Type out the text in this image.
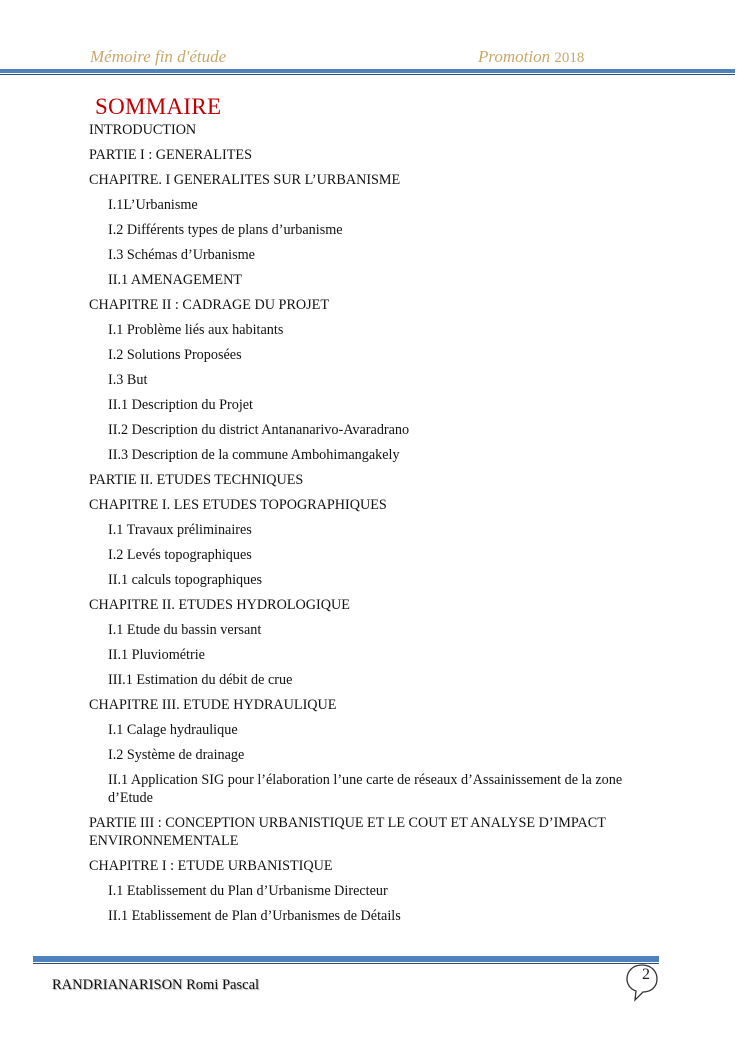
Mémoire fin d'étude	Promotion 2018
SOMMAIRE
INTRODUCTION
PARTIE I : GENERALITES
CHAPITRE. I GENERALITES SUR L’URBANISME
I.1L’Urbanisme
I.2 Différents types de plans d’urbanisme
I.3 Schémas d’Urbanisme
II.1 AMENAGEMENT
CHAPITRE II : CADRAGE DU PROJET
I.1 Problème liés aux habitants
I.2 Solutions Proposées
I.3 But
II.1 Description du Projet
II.2 Description du district Antananarivo-Avaradrano
II.3 Description de la commune Ambohimangakely
PARTIE II. ETUDES TECHNIQUES
CHAPITRE I. LES ETUDES TOPOGRAPHIQUES
I.1 Travaux préliminaires
I.2 Levés topographiques
II.1 calculs topographiques
CHAPITRE II. ETUDES HYDROLOGIQUE
I.1 Etude du bassin versant
II.1 Pluviométrie
III.1 Estimation du débit de crue
CHAPITRE III. ETUDE HYDRAULIQUE
I.1 Calage hydraulique
I.2 Système de drainage
II.1 Application SIG pour l’élaboration l’une carte de réseaux d’Assainissement de la zone d’Etude
PARTIE III : CONCEPTION URBANISTIQUE ET LE COUT ET ANALYSE D’IMPACT ENVIRONNEMENTALE
CHAPITRE I : ETUDE URBANISTIQUE
I.1 Etablissement du Plan d’Urbanisme Directeur
II.1 Etablissement de Plan d’Urbanismes de Détails
RANDRIANARISON Romi Pascal
2
